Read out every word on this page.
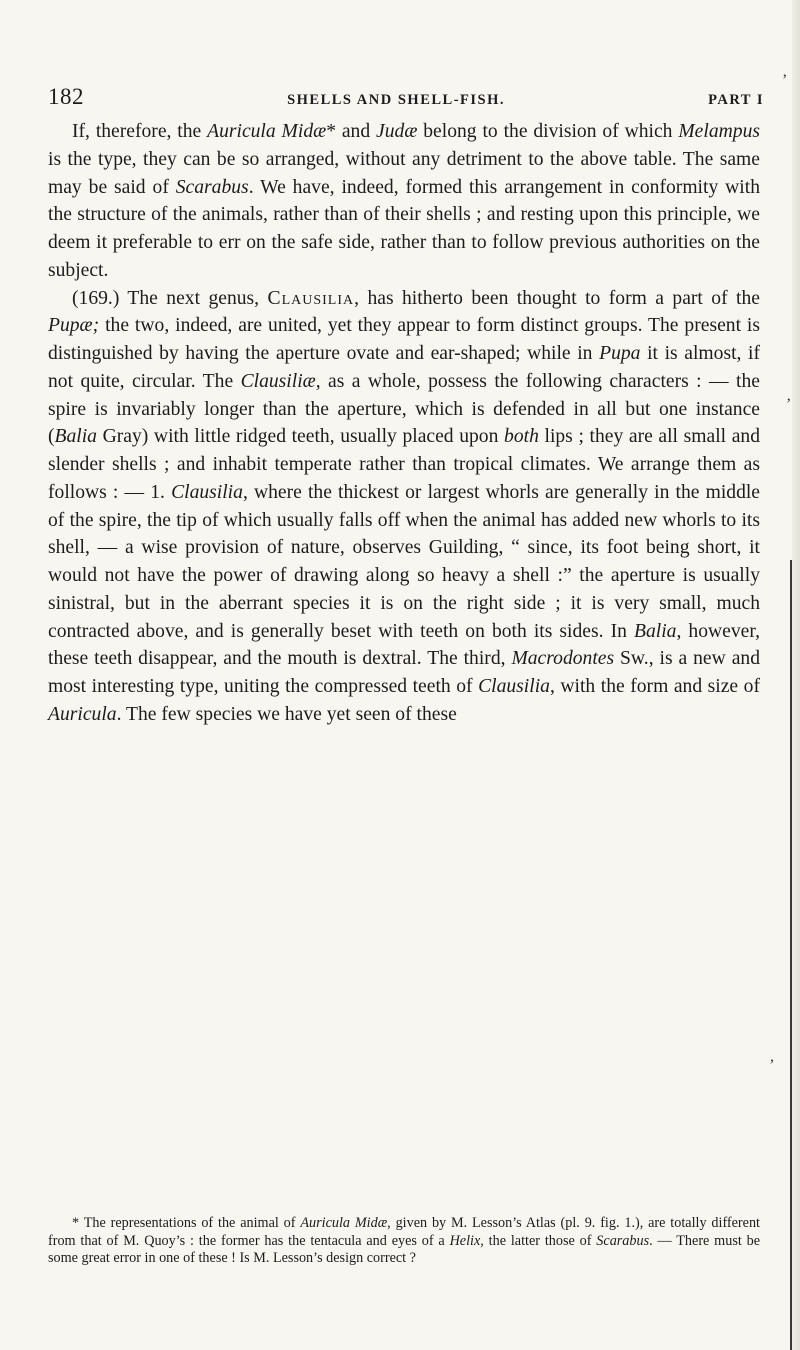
182	SHELLS AND SHELL-FISH.	PART I

If, therefore, the Auricula Midæ* and Judæ belong to the division of which Melampus is the type, they can be so arranged, without any detriment to the above table. The same may be said of Scarabus. We have, indeed, formed this arrangement in conformity with the structure of the animals, rather than of their shells ; and resting upon this principle, we deem it preferable to err on the safe side, rather than to follow previous authorities on the subject.

(169.) The next genus, Clausilia, has hitherto been thought to form a part of the Pupæ; the two, indeed, are united, yet they appear to form distinct groups. The present is distinguished by having the aperture ovate and ear-shaped; while in Pupa it is almost, if not quite, circular. The Clausiliæ, as a whole, possess the following characters : — the spire is invariably longer than the aperture, which is defended in all but one instance (Balia Gray) with little ridged teeth, usually placed upon both lips ; they are all small and slender shells ; and inhabit temperate rather than tropical climates. We arrange them as follows : — 1. Clausilia, where the thickest or largest whorls are generally in the middle of the spire, the tip of which usually falls off when the animal has added new whorls to its shell, — a wise provision of nature, observes Guilding, “ since, its foot being short, it would not have the power of drawing along so heavy a shell :” the aperture is usually sinistral, but in the aberrant species it is on the right side ; it is very small, much contracted above, and is generally beset with teeth on both its sides. In Balia, however, these teeth disappear, and the mouth is dextral. The third, Macrodontes Sw., is a new and most interesting type, uniting the compressed teeth of Clausilia, with the form and size of Auricula. The few species we have yet seen of these

* The representations of the animal of Auricula Midæ, given by M. Lesson’s Atlas (pl. 9. fig. 1.), are totally different from that of M. Quoy’s : the former has the tentacula and eyes of a Helix, the latter those of Scarabus. — There must be some great error in one of these ! Is M. Lesson’s design correct ?

ʼ
ʼ
,
